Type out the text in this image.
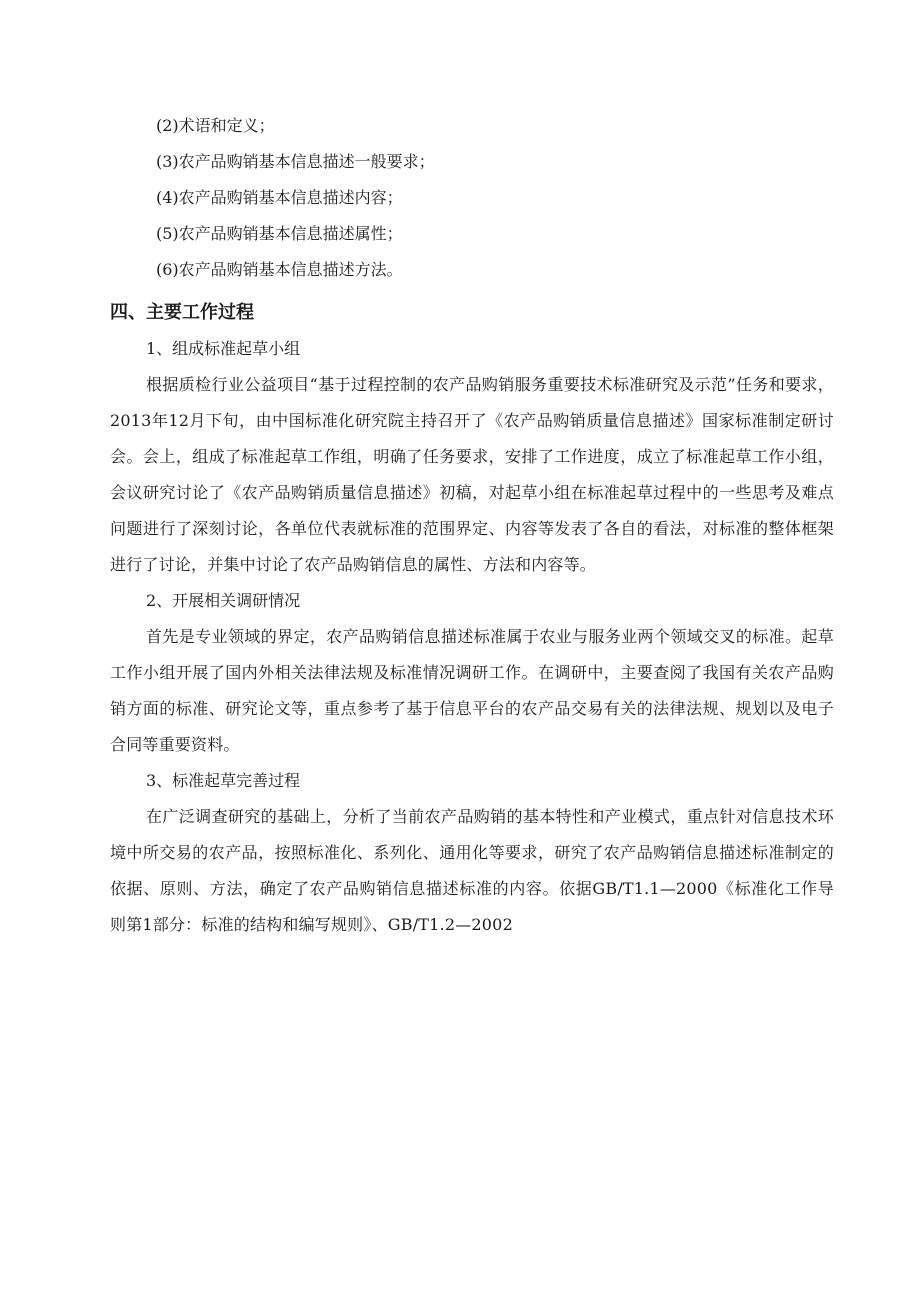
(2)术语和定义；

(3)农产品购销基本信息描述一般要求；

(4)农产品购销基本信息描述内容；

(5)农产品购销基本信息描述属性；

(6)农产品购销基本信息描述方法。

四、主要工作过程

1、组成标准起草小组

根据质检行业公益项目“基于过程控制的农产品购销服务重要技术标准研究及示范”任务和要求，2013年12月下旬，由中国标准化研究院主持召开了《农产品购销质量信息描述》国家标准制定研讨会。会上，组成了标准起草工作组，明确了任务要求，安排了工作进度，成立了标准起草工作小组，会议研究讨论了《农产品购销质量信息描述》初稿，对起草小组在标准起草过程中的一些思考及难点问题进行了深刻讨论，各单位代表就标准的范围界定、内容等发表了各自的看法，对标准的整体框架进行了讨论，并集中讨论了农产品购销信息的属性、方法和内容等。

2、开展相关调研情况

首先是专业领域的界定，农产品购销信息描述标准属于农业与服务业两个领域交叉的标准。起草工作小组开展了国内外相关法律法规及标准情况调研工作。在调研中，主要查阅了我国有关农产品购销方面的标准、研究论文等，重点参考了基于信息平台的农产品交易有关的法律法规、规划以及电子合同等重要资料。

3、标准起草完善过程

在广泛调查研究的基础上，分析了当前农产品购销的基本特性和产业模式，重点针对信息技术环境中所交易的农产品，按照标准化、系列化、通用化等要求，研究了农产品购销信息描述标准制定的依据、原则、方法，确定了农产品购销信息描述标准的内容。依据GB/T1.1—2000《标准化工作导则第1部分：标准的结构和编写规则》、GB/T1.2—2002
